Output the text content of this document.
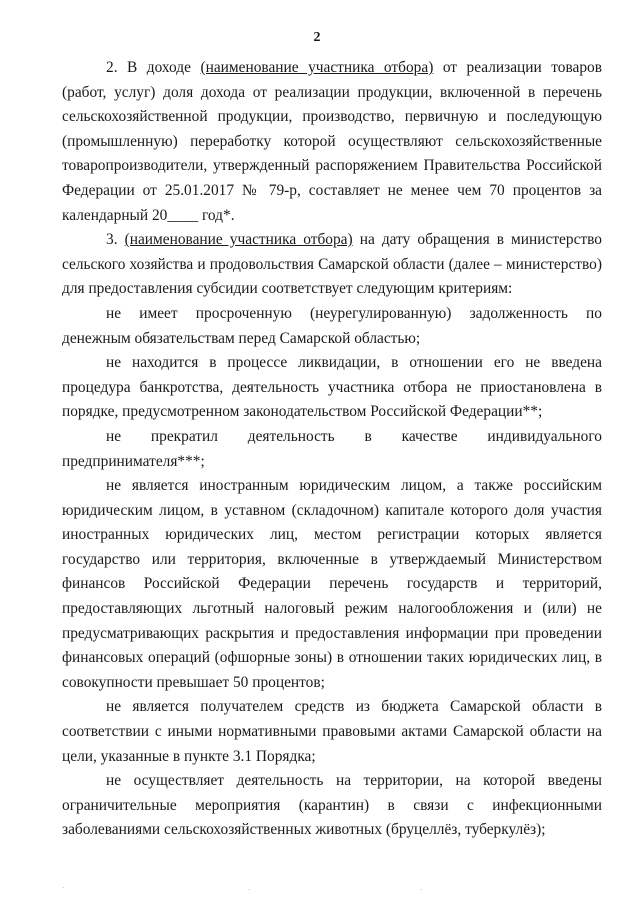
2

2. В доходе (наименование участника отбора) от реализации товаров (работ, услуг) доля дохода от реализации продукции, включенной в перечень сельскохозяйственной продукции, производство, первичную и последующую (промышленную) переработку которой осуществляют сельскохозяйственные товаропроизводители, утвержденный распоряжением Правительства Российской Федерации от 25.01.2017 № 79-р, составляет не менее чем 70 процентов за календарный 20____ год*.

3. (наименование участника отбора) на дату обращения в министерство сельского хозяйства и продовольствия Самарской области (далее – министерство) для предоставления субсидии соответствует следующим критериям:

не имеет просроченную (неурегулированную) задолженность по денежным обязательствам перед Самарской областью;

не находится в процессе ликвидации, в отношении его не введена процедура банкротства, деятельность участника отбора не приостановлена в порядке, предусмотренном законодательством Российской Федерации**;

не прекратил деятельность в качестве индивидуального предпринимателя***;

не является иностранным юридическим лицом, а также российским юридическим лицом, в уставном (складочном) капитале которого доля участия иностранных юридических лиц, местом регистрации которых является государство или территория, включенные в утверждаемый Министерством финансов Российской Федерации перечень государств и территорий, предоставляющих льготный налоговый режим налогообложения и (или) не предусматривающих раскрытия и предоставления информации при проведении финансовых операций (офшорные зоны) в отношении таких юридических лиц, в совокупности превышает 50 процентов;

не является получателем средств из бюджета Самарской области в соответствии с иными нормативными правовыми актами Самарской области на цели, указанные в пункте 3.1 Порядка;

не осуществляет деятельность на территории, на которой введены ограничительные мероприятия (карантин) в связи с инфекционными заболеваниями сельскохозяйственных животных (бруцеллёз, туберкулёз);

·	·	·
